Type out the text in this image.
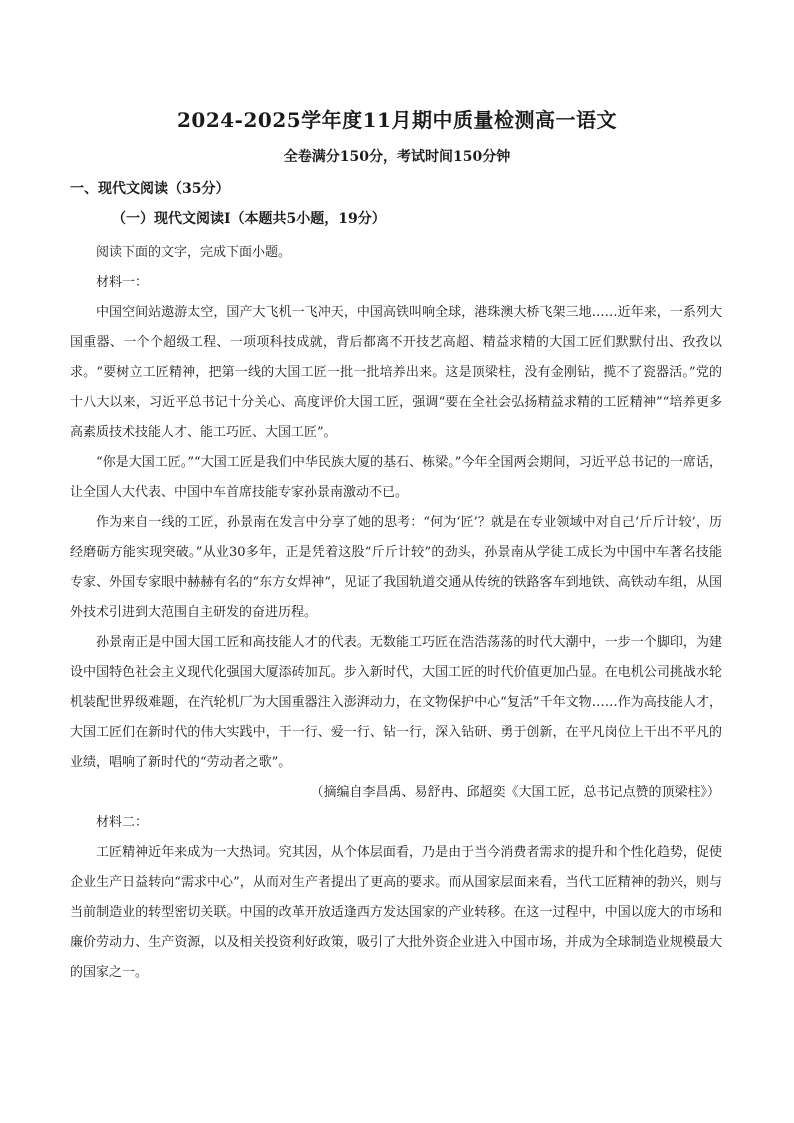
2024-2025学年度11月期中质量检测高一语文
全卷满分150分，考试时间150分钟
一、现代文阅读（35分）
（一）现代文阅读Ⅰ（本题共5小题，19分）

阅读下面的文字，完成下面小题。

材料一：

中国空间站遨游太空，国产大飞机一飞冲天，中国高铁叫响全球，港珠澳大桥飞架三地……近年来，一系列大国重器、一个个超级工程、一项项科技成就，背后都离不开技艺高超、精益求精的大国工匠们默默付出、孜孜以求。“要树立工匠精神，把第一线的大国工匠一批一批培养出来。这是顶梁柱，没有金刚钻，揽不了瓷器活。”党的十八大以来，习近平总书记十分关心、高度评价大国工匠，强调“要在全社会弘扬精益求精的工匠精神”“培养更多高素质技术技能人才、能工巧匠、大国工匠”。

“你是大国工匠。”“大国工匠是我们中华民族大厦的基石、栋梁。”今年全国两会期间，习近平总书记的一席话，让全国人大代表、中国中车首席技能专家孙景南激动不已。

作为来自一线的工匠，孙景南在发言中分享了她的思考：“何为‘匠’？就是在专业领域中对自己‘斤斤计较’，历经磨砺方能实现突破。”从业30多年，正是凭着这股“斤斤计较”的劲头，孙景南从学徒工成长为中国中车著名技能专家、外国专家眼中赫赫有名的“东方女焊神”，见证了我国轨道交通从传统的铁路客车到地铁、高铁动车组，从国外技术引进到大范围自主研发的奋进历程。

孙景南正是中国大国工匠和高技能人才的代表。无数能工巧匠在浩浩荡荡的时代大潮中，一步一个脚印，为建设中国特色社会主义现代化强国大厦添砖加瓦。步入新时代，大国工匠的时代价值更加凸显。在电机公司挑战水轮机装配世界级难题，在汽轮机厂为大国重器注入澎湃动力，在文物保护中心“复活”千年文物……作为高技能人才，大国工匠们在新时代的伟大实践中，干一行、爱一行、钻一行，深入钻研、勇于创新，在平凡岗位上干出不平凡的业绩，唱响了新时代的“劳动者之歌”。

（摘编自李昌禹、易舒冉、邱超奕《大国工匠，总书记点赞的顶梁柱》）

材料二：

工匠精神近年来成为一大热词。究其因，从个体层面看，乃是由于当今消费者需求的提升和个性化趋势，促使企业生产日益转向“需求中心”，从而对生产者提出了更高的要求。而从国家层面来看，当代工匠精神的勃兴，则与当前制造业的转型密切关联。中国的改革开放适逢西方发达国家的产业转移。在这一过程中，中国以庞大的市场和廉价劳动力、生产资源，以及相关投资利好政策，吸引了大批外资企业进入中国市场，并成为全球制造业规模最大的国家之一。
